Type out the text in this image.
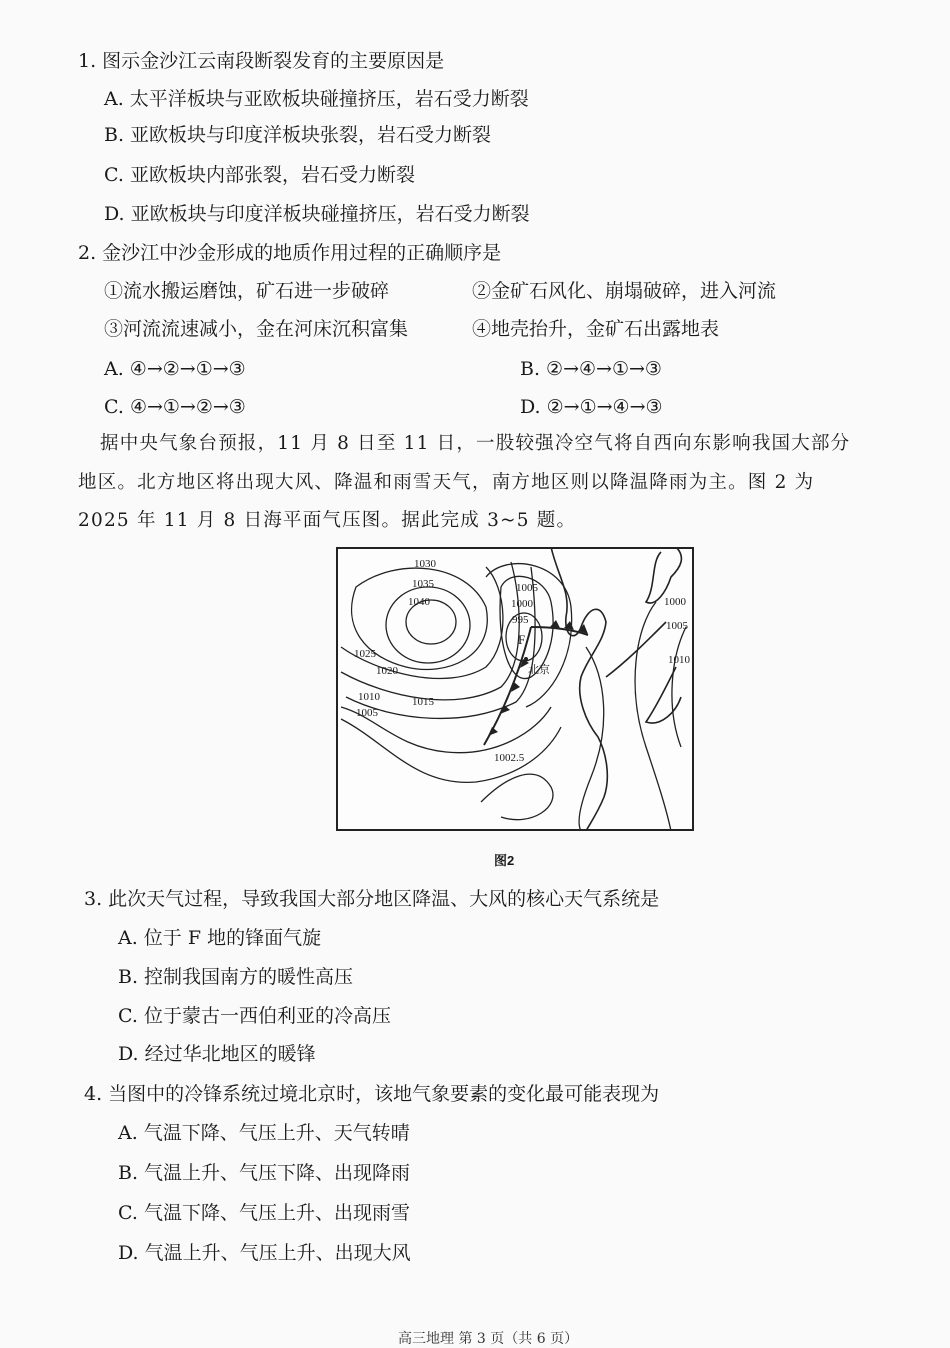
1. 图示金沙江云南段断裂发育的主要原因是
A. 太平洋板块与亚欧板块碰撞挤压，岩石受力断裂
B. 亚欧板块与印度洋板块张裂，岩石受力断裂
C. 亚欧板块内部张裂，岩石受力断裂
D. 亚欧板块与印度洋板块碰撞挤压，岩石受力断裂
2. 金沙江中沙金形成的地质作用过程的正确顺序是
①流水搬运磨蚀，矿石进一步破碎	②金矿石风化、崩塌破碎，进入河流
③河流流速减小，金在河床沉积富集	④地壳抬升，金矿石出露地表
A. ④→②→①→③	B. ②→④→①→③
C. ④→①→②→③	D. ②→①→④→③
据中央气象台预报，11 月 8 日至 11 日，一股较强冷空气将自西向东影响我国大部分
地区。北方地区将出现大风、降温和雨雪天气，南方地区则以降温降雨为主。图 2 为
2025 年 11 月 8 日海平面气压图。据此完成 3~5 题。
1030
1035
1040
1005
1000
995
1025
1020
1015
1010
1005
1002.5
1000
1005
1010
F
北京
图2
3. 此次天气过程，导致我国大部分地区降温、大风的核心天气系统是
A. 位于 F 地的锋面气旋
B. 控制我国南方的暖性高压
C. 位于蒙古一西伯利亚的冷高压
D. 经过华北地区的暖锋
4. 当图中的冷锋系统过境北京时，该地气象要素的变化最可能表现为
A. 气温下降、气压上升、天气转晴
B. 气温上升、气压下降、出现降雨
C. 气温下降、气压上升、出现雨雪
D. 气温上升、气压上升、出现大风
高三地理 第 3 页（共 6 页）
